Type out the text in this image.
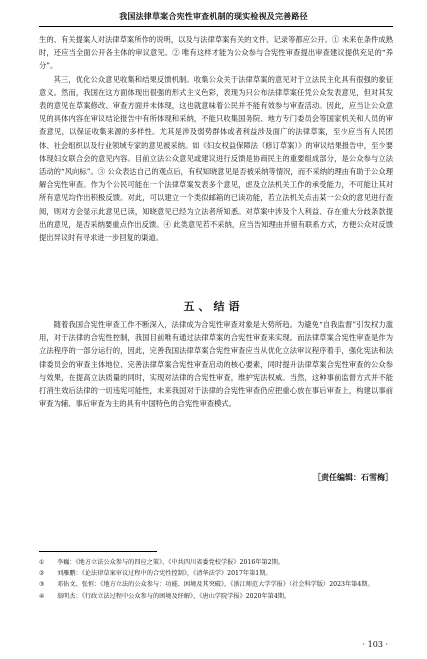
我国法律草案合宪性审查机制的现实检视及完善路径

生的、有关提案人对法律草案所作的说明，以及与法律草案有关的文件、记录等都应公开。① 未来在条件成熟时，还应当全面公开各主体的审议意见。② 唯有这样才能为公众参与合宪性审查提出审查建议提供充足的“养分”。

其三，优化公众意见收集和结果反馈机制。收集公众关于法律草案的意见对于立法民主化具有很强的象征意义。然而，我国在这方面体现出很强的形式主义色彩，表现为只公布法律草案任凭公众发表意见，但对其发表的意见在草案修改、审查方面并未体现，这也就意味着公民并不能有效参与审查活动。因此，应当让公众意见的具体内容在审议结论报告中有所体现和采纳，不能只收集国务院、地方专门委员会等国家机关和人员的审查意见，以保证收集来源的多样性。尤其是涉及弱势群体或者利益涉及面广的法律草案，至少应当有人民团体、社会组织以及行业领域专家的意见被采纳。如《妇女权益保障法（修订草案）》的审议结果报告中，至少要体现妇女联合会的意见内容。目前立法公众意见或建议进行反馈是协商民主的重要组成部分，是公众参与立法活动的“风向标”。③ 公众表达自己的观点后，有权知晓意见是否被采纳等情况，而不采纳的理由有助于公众理解合宪性审查。作为个公民可能在一个法律草案发表多个意见，虑及立法机关工作的承受能力，不可能让其对所有意见均作出积极反馈。对此，可以建立一个类似邮箱的已读功能，若立法机关点击某一公众的意见进行查阅，则对方会显示此意见已读，知晓意见已经为立法者所知悉。对草案中涉及个人利益、存在重大分歧条款提出的意见，是否采纳要重点作出反馈。④ 此类意见若不采纳，应当告知理由并留有联系方式，方便公众对反馈提出异议时有寻求进一步回复的渠道。

五、结语

随着我国合宪性审查工作不断深入，法律成为合宪性审查对象是大势所趋。为避免“自我监督”引发权力滥用，对于法律的合宪性控制，我国目前唯有通过法律草案的合宪性审查来实现。而法律草案合宪性审查是作为立法程序的一部分运行的，因此，完善我国法律草案合宪性审查应当从优化立法审议程序着手，强化宪法和法律委员会的审查主体地位、完善法律草案合宪性审查启动的核心要素，同时提升法律草案合宪性审查的公众参与效果，在提高立法质量的同时，实现对法律的合宪性审查，维护宪法权威。当然，这种事前监督方式并不能打消生效后法律的一切违宪可能性，未来我国对于法律的合宪性审查仍应把重心放在事后审查上，构建以事前审查为辅、事后审查为主的具有中国特色的合宪性审查模式。

［责任编辑：石雪梅］
①	李巍：《地方立法公众参与的四应之策》，《中共四川省委党校学报》2016年第2期。
②	刘雁鹏：《论法律草案审议过程中的合宪性控制》，《清华法学》2017年第1期。
③	邓佑文、张恒：《地方立法的公众参与：功能、困境及其突破》，《浙江师范大学学报》（社会科学版）2023年第4期。
④	翁明杰：《行政立法过程中公众参与的困境及纾解》，《唐山学院学报》2020年第4期。
· 103 ·
